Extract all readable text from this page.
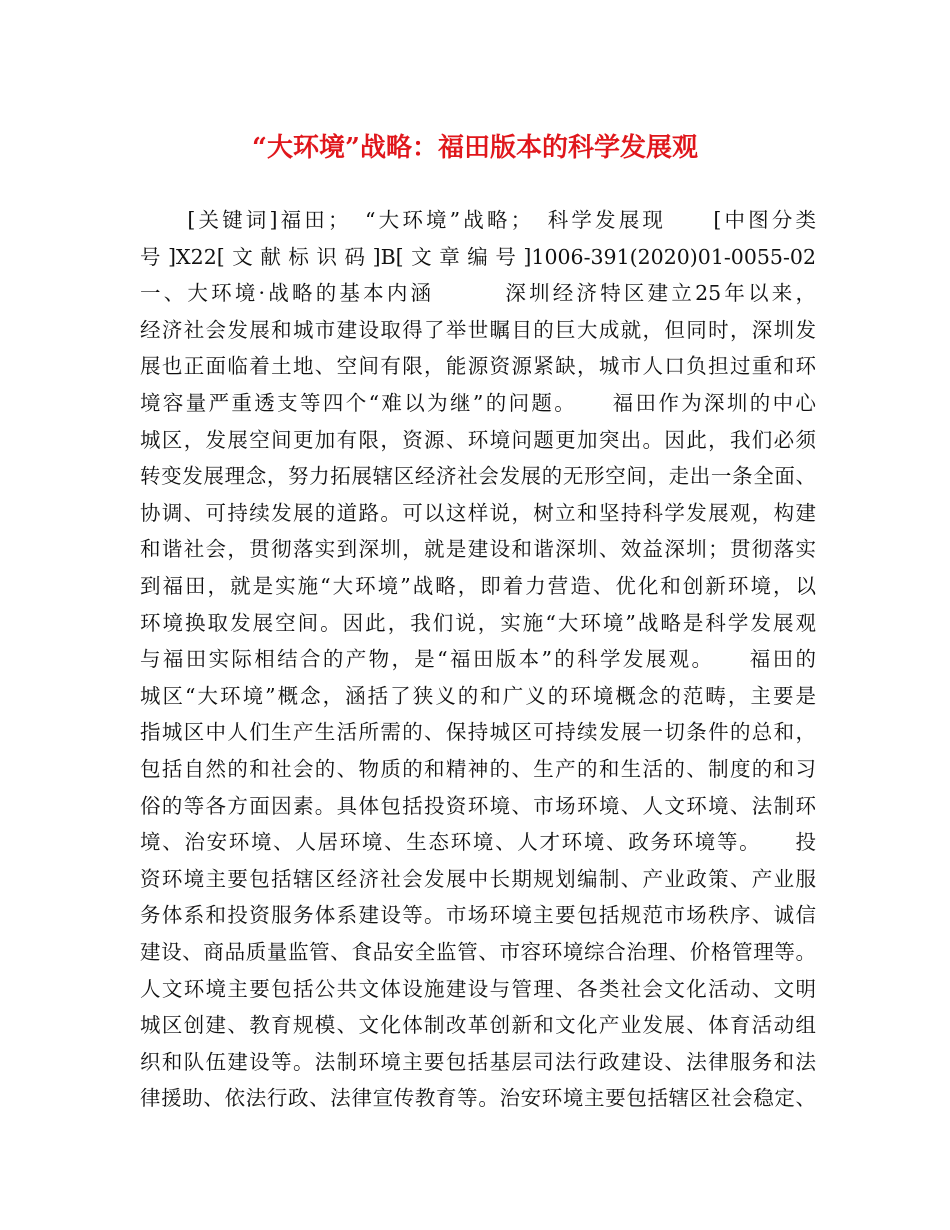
“大环境”战略：福田版本的科学发展观

　　[关键词]福田；　“大环境”战略；　科学发展现　　[中图分类

号]X22[文献标识码]B[文章编号]1006-391(2020)01-0055-02

一、大环境·战略的基本内涵　　　深圳经济特区建立25年以来，

经济社会发展和城市建设取得了举世瞩目的巨大成就，但同时，深圳发

展也正面临着土地、空间有限，能源资源紧缺，城市人口负担过重和环

境容量严重透支等四个“难以为继”的问题。　　福田作为深圳的中心

城区，发展空间更加有限，资源、环境问题更加突出。因此，我们必须

转变发展理念，努力拓展辖区经济社会发展的无形空间，走出一条全面、

协调、可持续发展的道路。可以这样说，树立和坚持科学发展观，构建

和谐社会，贯彻落实到深圳，就是建设和谐深圳、效益深圳；贯彻落实

到福田，就是实施“大环境”战略，即着力营造、优化和创新环境，以

环境换取发展空间。因此，我们说，实施“大环境”战略是科学发展观

与福田实际相结合的产物，是“福田版本”的科学发展观。　　福田的

城区“大环境”概念，涵括了狭义的和广义的环境概念的范畴，主要是

指城区中人们生产生活所需的、保持城区可持续发展一切条件的总和，

包括自然的和社会的、物质的和精神的、生产的和生活的、制度的和习

俗的等各方面因素。具体包括投资环境、市场环境、人文环境、法制环

境、治安环境、人居环境、生态环境、人才环境、政务环境等。　　投

资环境主要包括辖区经济社会发展中长期规划编制、产业政策、产业服

务体系和投资服务体系建设等。市场环境主要包括规范市场秩序、诚信

建设、商品质量监管、食品安全监管、市容环境综合治理、价格管理等。

人文环境主要包括公共文体设施建设与管理、各类社会文化活动、文明

城区创建、教育规模、文化体制改革创新和文化产业发展、体育活动组

织和队伍建设等。法制环境主要包括基层司法行政建设、法律服务和法

律援助、依法行政、法律宣传教育等。治安环境主要包括辖区社会稳定、
